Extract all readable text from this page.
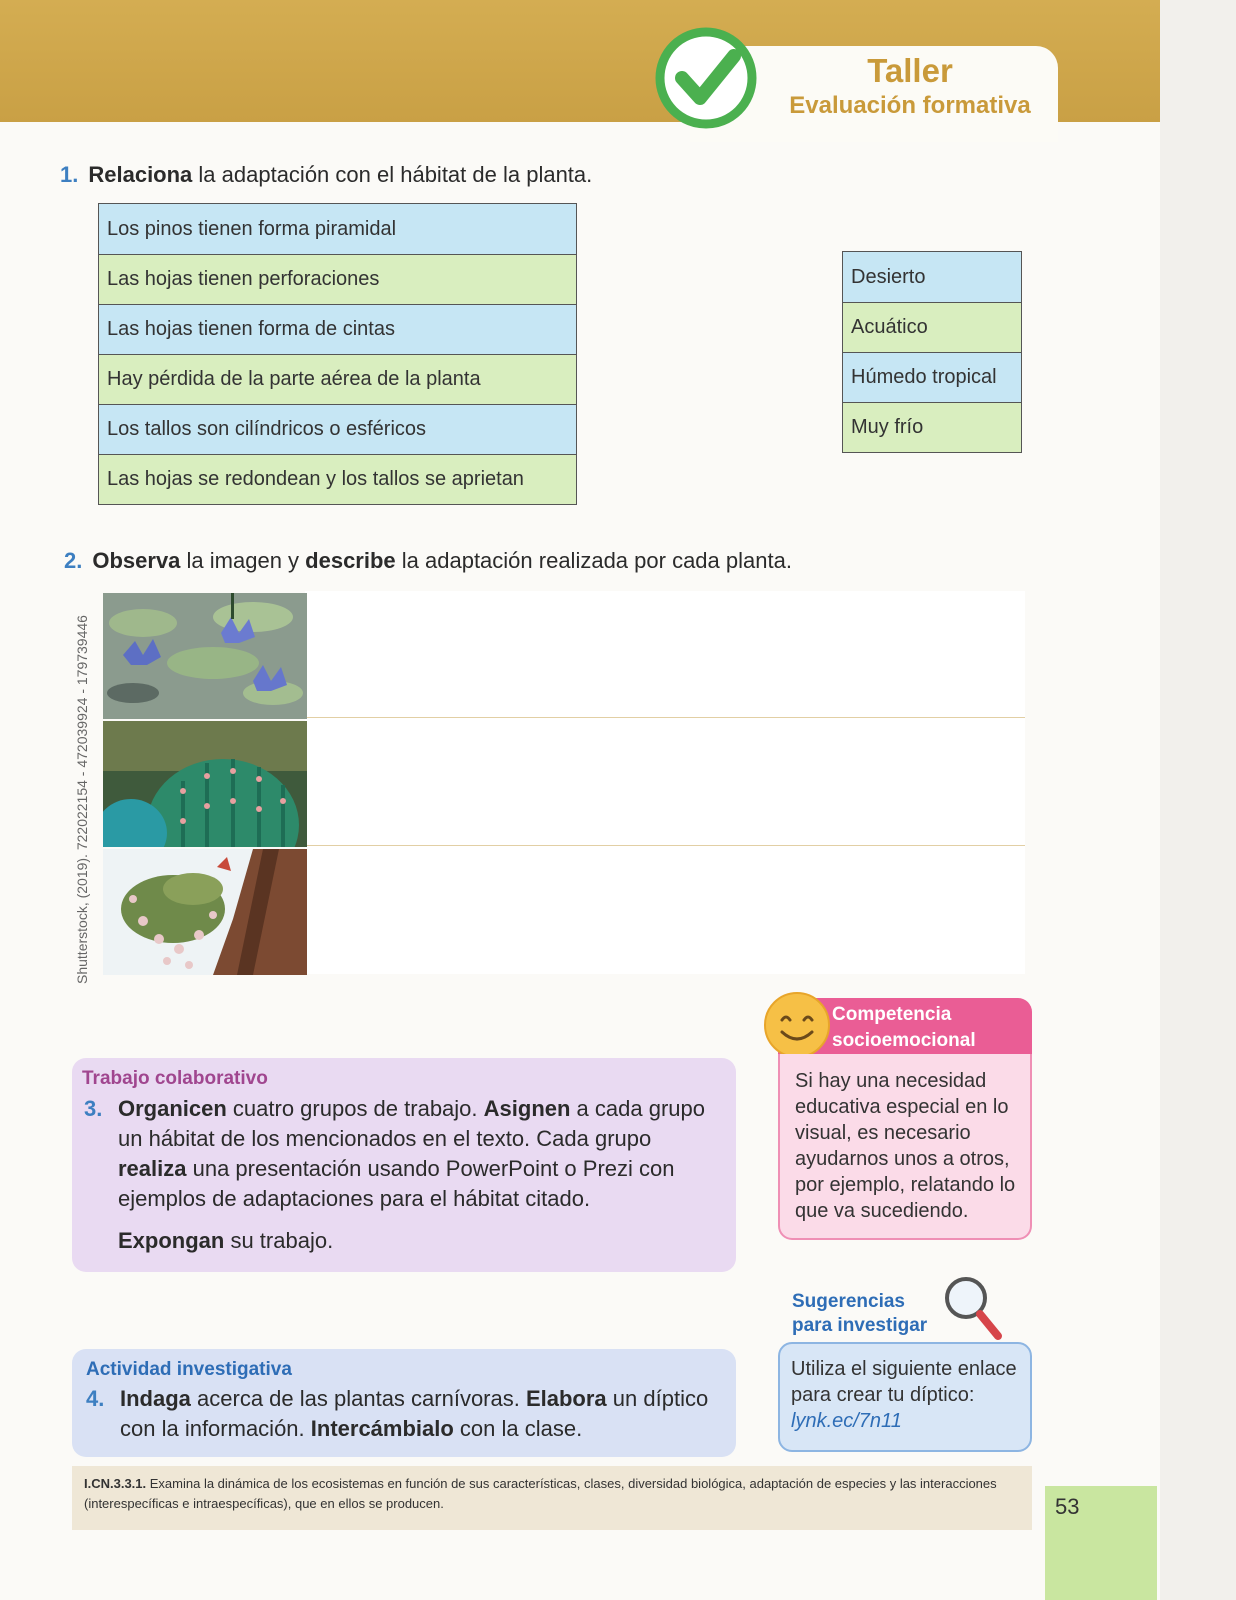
Taller
Evaluación formativa
1. Relaciona la adaptación con el hábitat de la planta.
Los pinos tienen forma piramidal
Las hojas tienen perforaciones
Las hojas tienen forma de cintas
Hay pérdida de la parte aérea de la planta
Los tallos son cilíndricos o esféricos
Las hojas se redondean y los tallos se aprietan
Desierto
Acuático
Húmedo tropical
Muy frío
2. Observa la imagen y describe la adaptación realizada por cada planta.
Shutterstock, (2019). 722022154 - 472039924 - 179739446
Trabajo colaborativo
3. Organicen cuatro grupos de trabajo. Asignen a cada grupo un hábitat de los mencionados en el texto. Cada grupo realiza una presentación usando PowerPoint o Prezi con ejemplos de adaptaciones para el hábitat citado.
Expongan su trabajo.
Competencia
socioemocional
Si hay una necesidad educativa especial en lo visual, es necesario ayudarnos unos a otros, por ejemplo, relatando lo que va sucediendo.
Actividad investigativa
4. Indaga acerca de las plantas carnívoras. Elabora un díptico con la información. Intercámbialo con la clase.
Sugerencias
para investigar
Utiliza el siguiente enlace para crear tu díptico:
lynk.ec/7n11
I.CN.3.3.1. Examina la dinámica de los ecosistemas en función de sus características, clases, diversidad biológica, adaptación de especies y las interacciones (interespecíficas e intraespecíficas), que en ellos se producen.	53
